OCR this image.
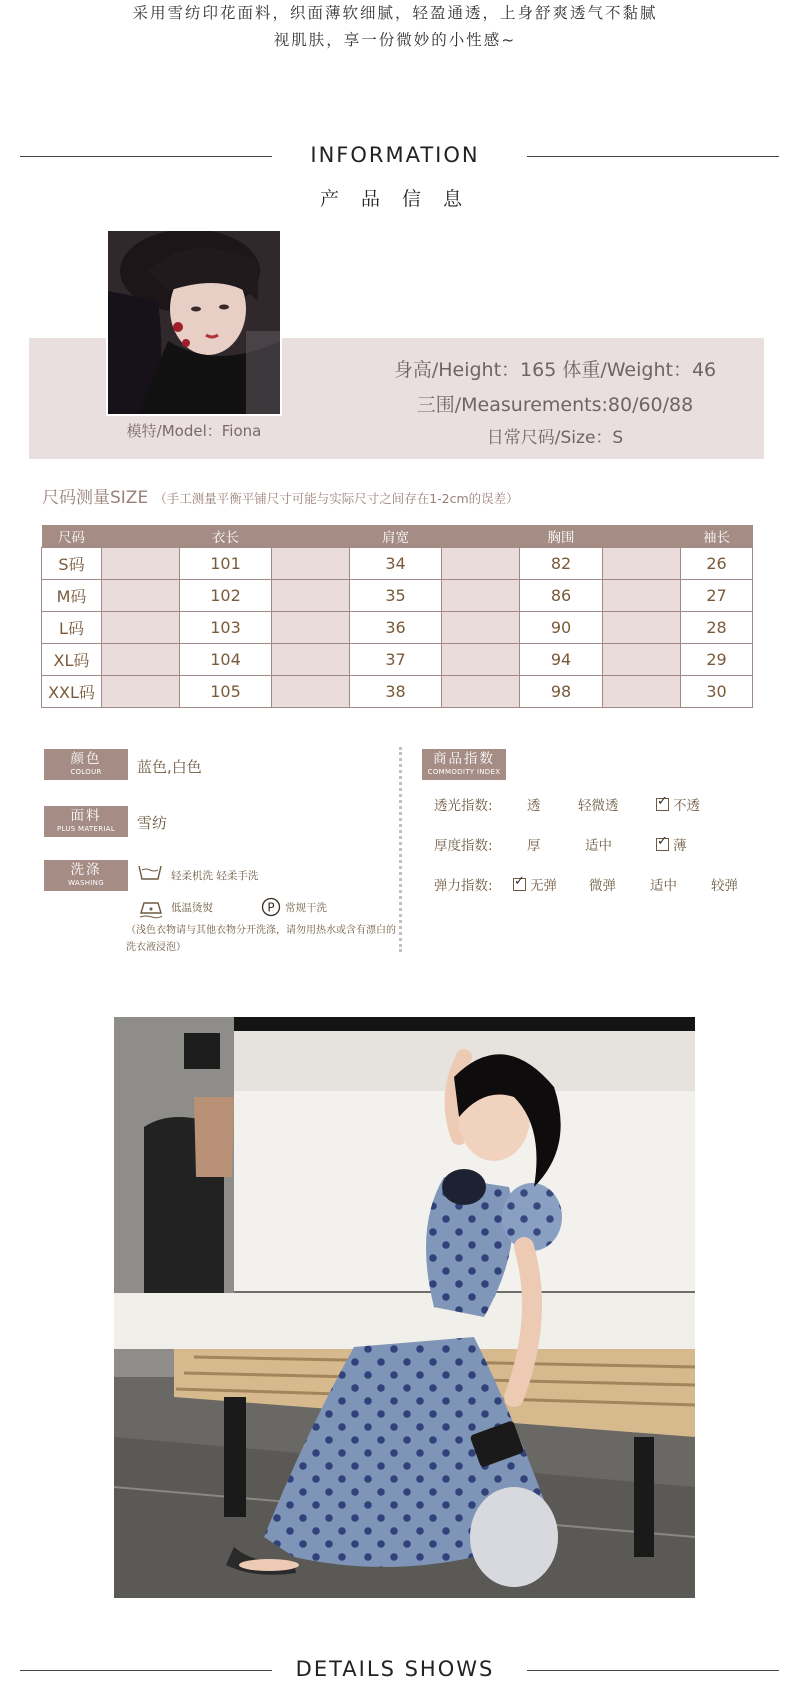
采用雪纺印花面料，织面薄软细腻，轻盈通透，上身舒爽透气不黏腻
视肌肤，享一份微妙的小性感~
INFORMATION
产 品 信 息
模特/Model：Fiona
身高/Height：165 体重/Weight：46
三围/Measurements:80/60/88
日常尺码/Size：S
尺码测量SIZE （手工测量平衡平铺尺寸可能与实际尺寸之间存在1-2cm的误差）
尺码		衣长		肩宽		胸围		袖长
S码		101		34		82		26
M码		102		35		86		27
L码		103		36		90		28
XL码		104		37		94		29
XXL码		105		38		98		30
颜色
COLOUR	蓝色,白色
面料
PLUS MATERIAL	雪纺
洗涤
WASHING
轻柔机洗 轻柔手洗
低温烫熨	P 常规干洗
（浅色衣物请与其他衣物分开洗涤，请勿用热水或含有漂白的洗衣液浸泡）
商品指数
COMMODITY INDEX
透光指数:	透	轻微透 ✓	不透
厚度指数:	厚	适中 ✓	薄
弹力指数: ✓	无弹 微弹	适中	较弹
DETAILS SHOWS
